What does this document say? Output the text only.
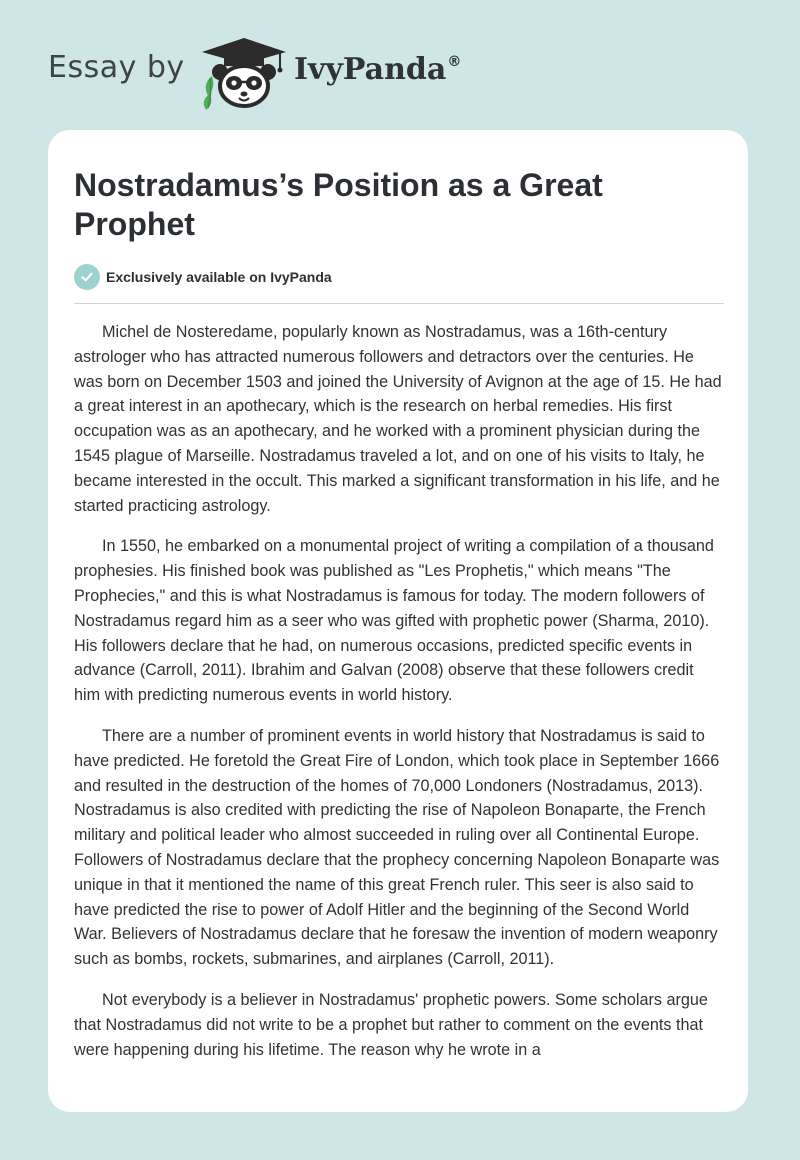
Essay by	IvyPanda®
Nostradamus’s Position as a Great Prophet
Exclusively available on IvyPanda

Michel de Nosteredame, popularly known as Nostradamus, was a 16th-century astrologer who has attracted numerous followers and detractors over the centuries. He was born on December 1503 and joined the University of Avignon at the age of 15. He had a great interest in an apothecary, which is the research on herbal remedies. His first occupation was as an apothecary, and he worked with a prominent physician during the 1545 plague of Marseille. Nostradamus traveled a lot, and on one of his visits to Italy, he became interested in the occult. This marked a significant transformation in his life, and he started practicing astrology.

In 1550, he embarked on a monumental project of writing a compilation of a thousand prophesies. His finished book was published as "Les Prophetis," which means "The Prophecies," and this is what Nostradamus is famous for today. The modern followers of Nostradamus regard him as a seer who was gifted with prophetic power (Sharma, 2010). His followers declare that he had, on numerous occasions, predicted specific events in advance (Carroll, 2011). Ibrahim and Galvan (2008) observe that these followers credit him with predicting numerous events in world history.

There are a number of prominent events in world history that Nostradamus is said to have predicted. He foretold the Great Fire of London, which took place in September 1666 and resulted in the destruction of the homes of 70,000 Londoners (Nostradamus, 2013). Nostradamus is also credited with predicting the rise of Napoleon Bonaparte, the French military and political leader who almost succeeded in ruling over all Continental Europe. Followers of Nostradamus declare that the prophecy concerning Napoleon Bonaparte was unique in that it mentioned the name of this great French ruler. This seer is also said to have predicted the rise to power of Adolf Hitler and the beginning of the Second World War. Believers of Nostradamus declare that he foresaw the invention of modern weaponry such as bombs, rockets, submarines, and airplanes (Carroll, 2011).

Not everybody is a believer in Nostradamus' prophetic powers. Some scholars argue that Nostradamus did not write to be a prophet but rather to comment on the events that were happening during his lifetime. The reason why he wrote in a
